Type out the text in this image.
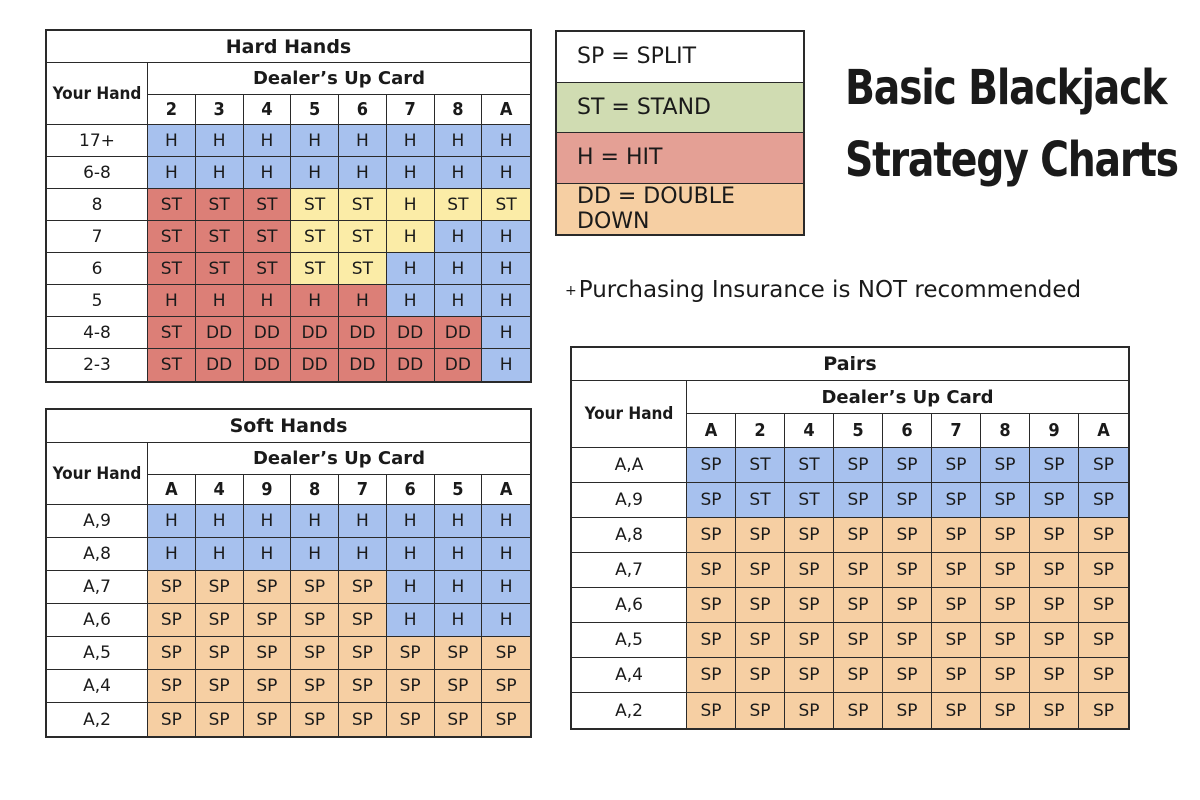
Basic Blackjack
Strategy Charts
SP = SPLIT
ST = STAND
H = HIT
DD = DOUBLE DOWN
+Purchasing Insurance is NOT recommended
Hard Hands
Your Hand
Dealer’s Up Card
2	3	4	5	6	7	8	A
17+	H	H	H	H	H	H	H	H
6-8	H	H	H	H	H	H	H	H
8	ST	ST	ST	ST	ST	H	ST	ST
7	ST	ST	ST	ST	ST	H	H	H
6	ST	ST	ST	ST	ST	H	H	H
5	H	H	H	H	H	H	H	H
4-8	ST	DD	DD	DD	DD	DD	DD	H
2-3	ST	DD	DD	DD	DD	DD	DD	H
Soft Hands
Your Hand
Dealer’s Up Card
A	4	9	8	7	6	5	A
A,9	H	H	H	H	H	H	H	H
A,8	H	H	H	H	H	H	H	H
A,7	SP	SP	SP	SP	SP	H	H	H
A,6	SP	SP	SP	SP	SP	H	H	H
A,5	SP	SP	SP	SP	SP	SP	SP	SP
A,4	SP	SP	SP	SP	SP	SP	SP	SP
A,2	SP	SP	SP	SP	SP	SP	SP	SP
Pairs
Your Hand
Dealer’s Up Card
A	2	4	5	6	7	8	9	A
A,A	SP	ST	ST	SP	SP	SP	SP	SP	SP
A,9	SP	ST	ST	SP	SP	SP	SP	SP	SP
A,8	SP	SP	SP	SP	SP	SP	SP	SP	SP
A,7	SP	SP	SP	SP	SP	SP	SP	SP	SP
A,6	SP	SP	SP	SP	SP	SP	SP	SP	SP
A,5	SP	SP	SP	SP	SP	SP	SP	SP	SP
A,4	SP	SP	SP	SP	SP	SP	SP	SP	SP
A,2	SP	SP	SP	SP	SP	SP	SP	SP	SP
